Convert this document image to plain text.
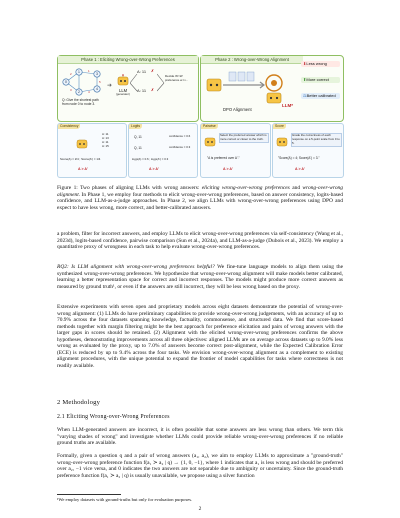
Phase 1 : Eliciting Wrong-over-Wrong Preferences
2
3
1
4
5
0
1
2
3
4
Q: Give the shortest path from node 0 to node 3.
➜
LLM
(generator)
A: 11 ✗
A: 11 ✗
Decide W>W preference w.r.t...
Phase 2 : Wrong-over-Wrong Alignment
DPO Alignment
LLM*
⬇Less wrong
⬆More correct
⚖Better calibrated
Consistency
A: 11
A: 13
A: 11
A: 15
Score(A) = 2/4 ; Score(A') = 1/4
A > A'
Logits
Q, 11
Q, 11
confidence = 0.6
confidence = 0.3
logp(A) = 0.6 ; logp(A') = 0.3
A > A'
Pairwise
Select the preferred answer which is more correct or closer to the truth.
"A is preferred over A'."
A > A'
Score
Grade the correctness of each response on a 5-point scale from 0 to 5.
"Score(A) = 4; Score(A') = 3."
A > A'
Figure 1: Two phases of aligning LLMs with wrong answers: eliciting wrong-over-wrong preferences and wrong-over-wrong alignment. In Phase 1, we employ four methods to elicit wrong-over-wrong preferences, based on answer consistency, logits-based confidence, and LLM-as-a-judge approaches. In Phase 2, we align LLMs with wrong-over-wrong preferences using DPO and expect to have less wrong, more correct, and better-calibrated answers.
a problem, filter for incorrect answers, and employ LLMs to elicit wrong-over-wrong preferences via self-consistency (Wang et al., 2023d), logits-based confidence, pairwise comparison (Sun et al., 2024a), and LLM-as-a-judge (Dubois et al., 2023). We employ a quantitative proxy of wrongness in each task to help evaluate wrong-over-wrong preferences.
RQ2: Is LLM alignment with wrong-over-wrong preferences helpful? We fine-tune language models to align them using the synthesized wrong-over-wrong preferences. We hypothesize that wrong-over-wrong alignment will make models better calibrated, learning a better representation space for correct and incorrect responses. The models might produce more correct answers as measured by ground truth¹, or even if the answers are still incorrect, they will be less wrong based on the proxy.
Extensive experiments with seven open and proprietary models across eight datasets demonstrate the potential of wrong-over-wrong alignment: (1) LLMs do have preliminary capabilities to provide wrong-over-wrong judgements, with an accuracy of up to 70.9% across the four datasets spanning knowledge, factuality, commonsense, and structured data. We find that score-based methods together with margin filtering might be the best approach for preference elicitation and pairs of wrong answers with the larger gaps in scores should be retained. (2) Alignment with the elicited wrong-over-wrong preferences confirms the above hypotheses, demonstrating improvements across all three objectives: aligned LLMs are on average across datasets up to 9.0% less wrong as evaluated by the proxy, up to 7.0% of answers become correct post-alignment, while the Expected Calibration Error (ECE) is reduced by up to 9.4% across the four tasks. We envision wrong-over-wrong alignment as a complement to existing alignment procedures, with the unique potential to expand the frontier of model capabilities for tasks where correctness is not readily available.
2 Methodology
2.1 Eliciting Wrong-over-Wrong Preferences
When LLM-generated answers are incorrect, it is often possible that some answers are less wrong than others. We term this "varying shades of wrong" and investigate whether LLMs could provide reliable wrong-over-wrong preferences if no reliable ground truths are available.
Formally, given a question q and a pair of wrong answers (a₁, a₂), we aim to employ LLMs to approximate a "ground-truth" wrong-over-wrong preference function f(a₁ ≻ a₂ | q) → {1, 0, −1}, where 1 indicates that a₁ is less wrong and should be preferred over a₂, −1 vice versa, and 0 indicates the two answers are not separable due to ambiguity or uncertainty. Since the ground-truth preference function f(a₁ ≻ a₂ | q) is usually unavailable, we propose using a silver function
¹We employ datasets with ground-truths but only for evaluation purposes.
2
